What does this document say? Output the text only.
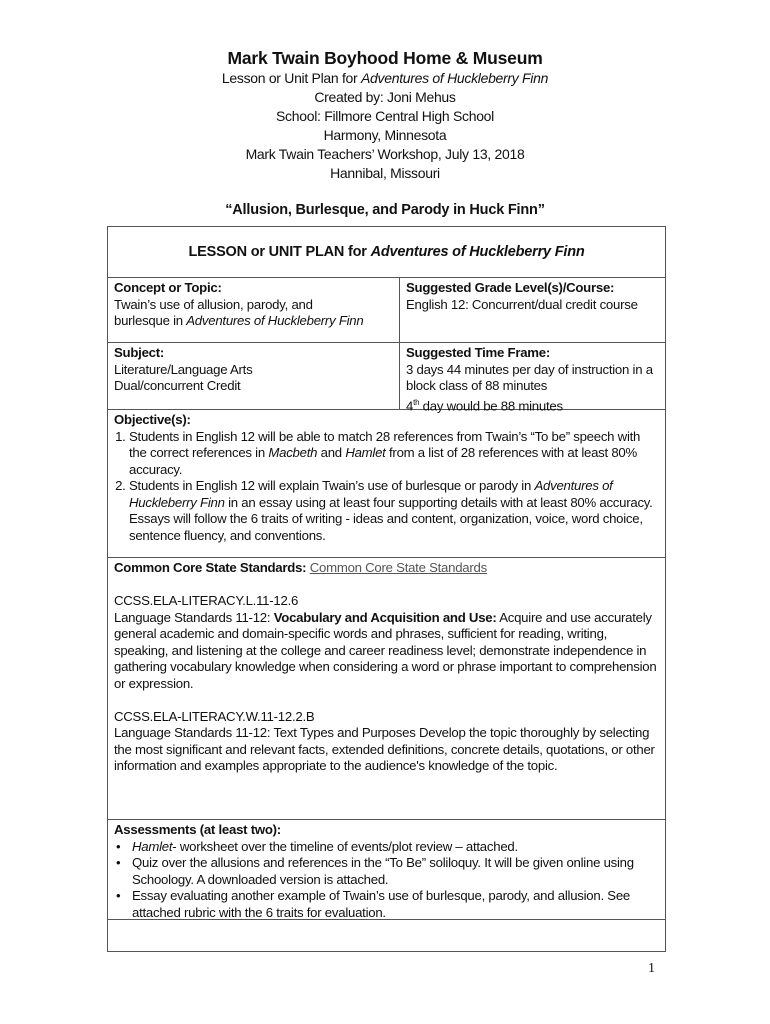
Mark Twain Boyhood Home & Museum
Lesson or Unit Plan for Adventures of Huckleberry Finn
Created by: Joni Mehus
School: Fillmore Central High School
Harmony, Minnesota
Mark Twain Teachers’ Workshop, July 13, 2018
Hannibal, Missouri
“Allusion, Burlesque, and Parody in Huck Finn”
LESSON or UNIT PLAN for Adventures of Huckleberry Finn
Concept or Topic:
Twain’s use of allusion, parody, and
burlesque in Adventures of Huckleberry Finn
Suggested Grade Level(s)/Course:
English 12: Concurrent/dual credit course
Subject:
Literature/Language Arts
Dual/concurrent Credit
Suggested Time Frame:
3 days 44 minutes per day of instruction in a block class of 88 minutes
4th day would be 88 minutes
Objective(s):
1. Students in English 12 will be able to match 28 references from Twain’s “To be” speech with the correct references in Macbeth and Hamlet from a list of 28 references with at least 80% accuracy.
2. Students in English 12 will explain Twain’s use of burlesque or parody in Adventures of Huckleberry Finn in an essay using at least four supporting details with at least 80% accuracy. Essays will follow the 6 traits of writing - ideas and content, organization, voice, word choice, sentence fluency, and conventions.
Common Core State Standards: Common Core State Standards
CCSS.ELA-LITERACY.L.11-12.6
Language Standards 11-12: Vocabulary and Acquisition and Use: Acquire and use accurately general academic and domain-specific words and phrases, sufficient for reading, writing, speaking, and listening at the college and career readiness level; demonstrate independence in gathering vocabulary knowledge when considering a word or phrase important to comprehension or expression.
CCSS.ELA-LITERACY.W.11-12.2.B
Language Standards 11-12: Text Types and Purposes Develop the topic thoroughly by selecting the most significant and relevant facts, extended definitions, concrete details, quotations, or other information and examples appropriate to the audience's knowledge of the topic.
Assessments (at least two):
• Hamlet- worksheet over the timeline of events/plot review – attached.
• Quiz over the allusions and references in the “To Be” soliloquy. It will be given online using Schoology. A downloaded version is attached.
• Essay evaluating another example of Twain’s use of burlesque, parody, and allusion. See attached rubric with the 6 traits for evaluation.
1
